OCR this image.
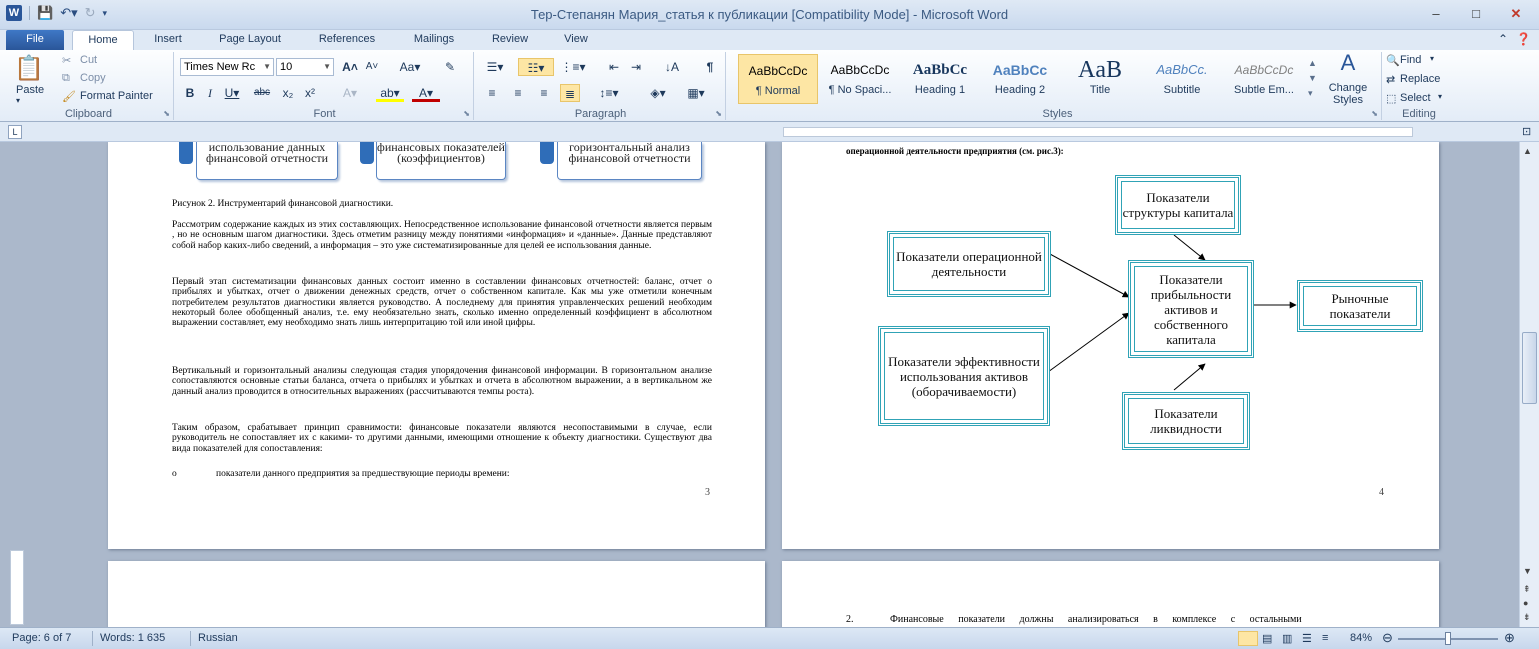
W 💾 ↶▾ ↻ ▾	Тер-Степанян Мария_статья к публикации [Compatibility Mode] - Microsoft Word	–	□	✕
File	Home	Insert	Page Layout	References	Mailings	Review	View	⌃ ❓
📋
Paste
▾
✂ Cut
⧉ Copy
🖌 Format Painter
Clipboard	⬊
Times New Rc ▼ 10	▼ A˄ A˅	Aa▾	✎
B	I	U▾	abc	x₂ x²	A▾	ab▾	A▾
Font	⬊
☰▾	☷▾	⋮≡▾	⇤ ⇥	↓A	¶
≡	≡	≡	≣	↕≡▾	◈▾	▦▾
Paragraph	⬊
AaBbCcDc
¶ Normal
AaBbCcDc
¶ No Spaci...
AaBbCc
Heading 1
AaBbCc
Heading 2
AaB
Title
AaBbCc.
Subtitle
AaBbCcDc
Subtle Em...
▲
▼
▾
A
Change Styles
Styles	⬊
🔍 Find ▾
⇄ Replace
⬚ Select ▾
Editing
L	⊡
использование данных финансовой отчетности
финансовых показателей (коэффициентов)
горизонтальный анализ финансовой отчетности
Рисунок 2. Инструментарий финансовой диагностики.
Рассмотрим содержание каждых из этих составляющих. Непосредственное использование финансовой отчетности является первым , но не основным шагом диагностики. Здесь отметим разницу между понятиями «информация» и «данные». Данные представляют собой набор каких-либо сведений, а информация – это уже систематизированные для целей ее использования данные.
Первый этап систематизации финансовых данных состоит именно в составлении финансовых отчетностей: баланс, отчет о прибылях и убытках, отчет о движении денежных средств, отчет о собственном капитале. Как мы уже отметили конечным потребителем результатов диагностики является руководство. А последнему для принятия управленческих решений необходим некоторый более обобщенный анализ, т.е. ему необязательно знать, сколько именно определенный коэффициент в абсолютном выражении составляет, ему необходимо знать лишь интерпритацию той или иной цифры.
Вертикальный и горизонтальный анализы следующая стадия упорядочения финансовой информации. В горизонтальном анализе сопоставляются основные статьи баланса, отчета о прибылях и убытках и отчета в абсолютном выражении, а в вертикальном же данный анализ проводится в относительных выражениях (рассчитываются темпы роста).
Таким образом, срабатывает принцип сравнимости: финансовые показатели являются несопоставимыми в случае, если руководитель не сопоставляет их с какими- то другими данными, имеющими отношение к объекту диагностики. Существуют два вида показателей для сопоставления:
o	показатели данного предприятия за предшествующие периоды времени:
3
операционной деятельности предприятия (см. рис.3):
Показатели структуры капитала
Показатели операционной деятельности	Показатели прибыльности активов и собственного капитала
Рыночные показатели
Показатели эффективности использования активов (оборачиваемости)
Показатели ликвидности
4
2.	Финансовые показатели должны анализироваться в комплексе с остальными
▲
▼
⇞
●
⇟
Page: 6 of 7	Words: 1 635	Russian	▤ ▥ ☰ ≡ 84% ⊖	⊕
